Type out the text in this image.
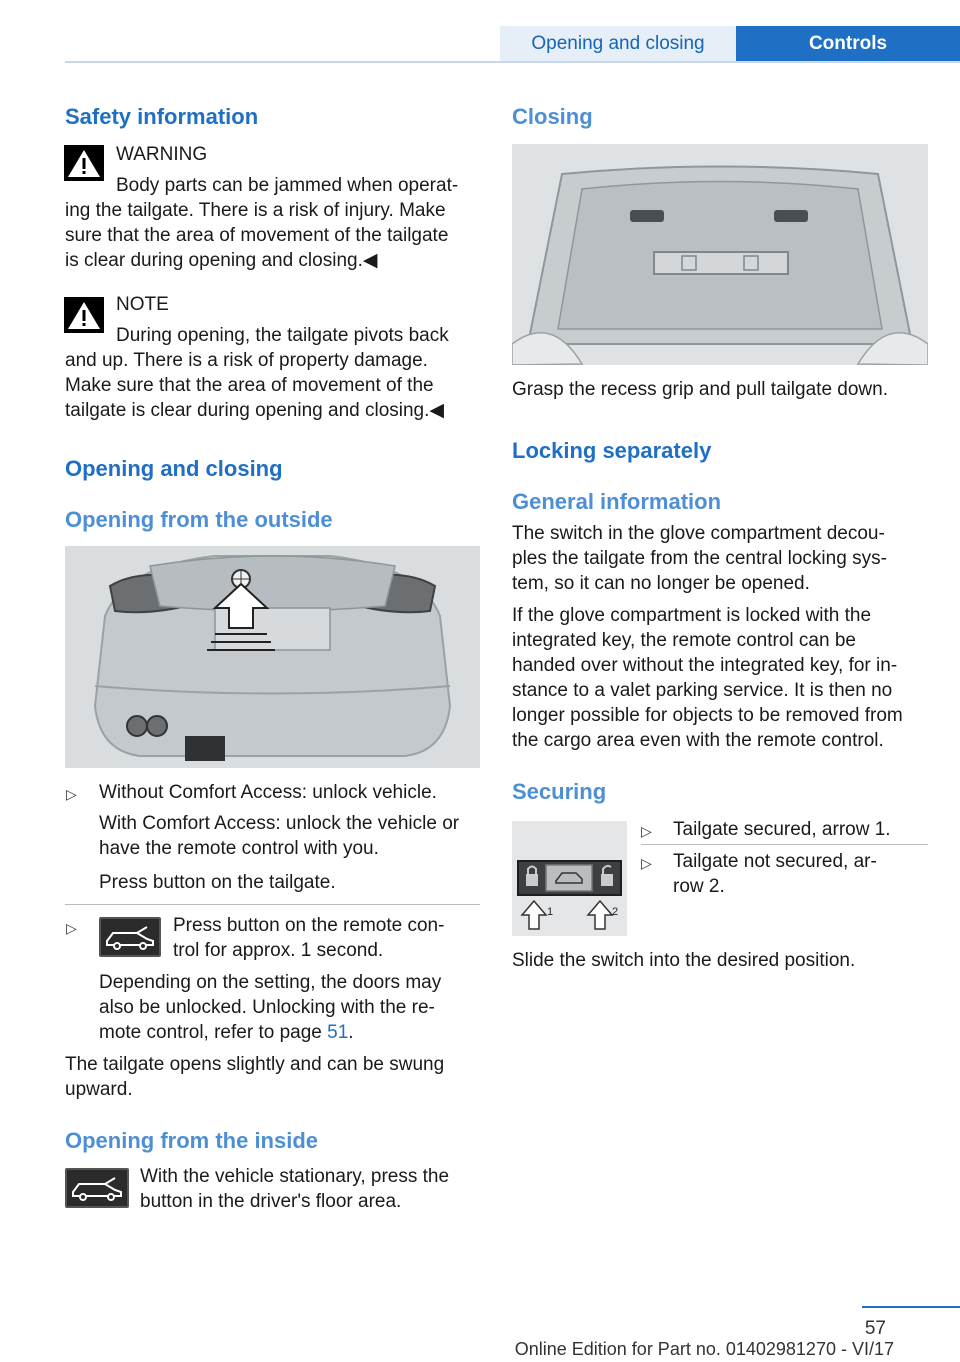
Opening and closing	Controls
Safety information
WARNING
Body parts can be jammed when operat‐
ing the tailgate. There is a risk of injury. Make
sure that the area of movement of the tailgate
is clear during opening and closing.◀
NOTE
During opening, the tailgate pivots back
and up. There is a risk of property damage.
Make sure that the area of movement of the
tailgate is clear during opening and closing.◀
Opening and closing
Opening from the outside
▷ Without Comfort Access: unlock vehicle.
With Comfort Access: unlock the vehicle or
have the remote control with you.
Press button on the tailgate.
▷	Press button on the remote con‐
trol for approx. 1 second.
Depending on the setting, the doors may
also be unlocked. Unlocking with the re‐
mote control, refer to page 51.
The tailgate opens slightly and can be swung
upward.
Opening from the inside
With the vehicle stationary, press the
button in the driver's floor area.
Closing
Grasp the recess grip and pull tailgate down.
Locking separately
General information
The switch in the glove compartment decou‐
ples the tailgate from the central locking sys‐
tem, so it can no longer be opened.
If the glove compartment is locked with the
integrated key, the remote control can be
handed over without the integrated key, for in‐
stance to a valet parking service. It is then no
longer possible for objects to be removed from
the cargo area even with the remote control.
Securing
1	2
▷ Tailgate secured, arrow 1.
▷ Tailgate not secured, ar‐
row 2.
Slide the switch into the desired position.
57
Online Edition for Part no. 01402981270 - VI/17
